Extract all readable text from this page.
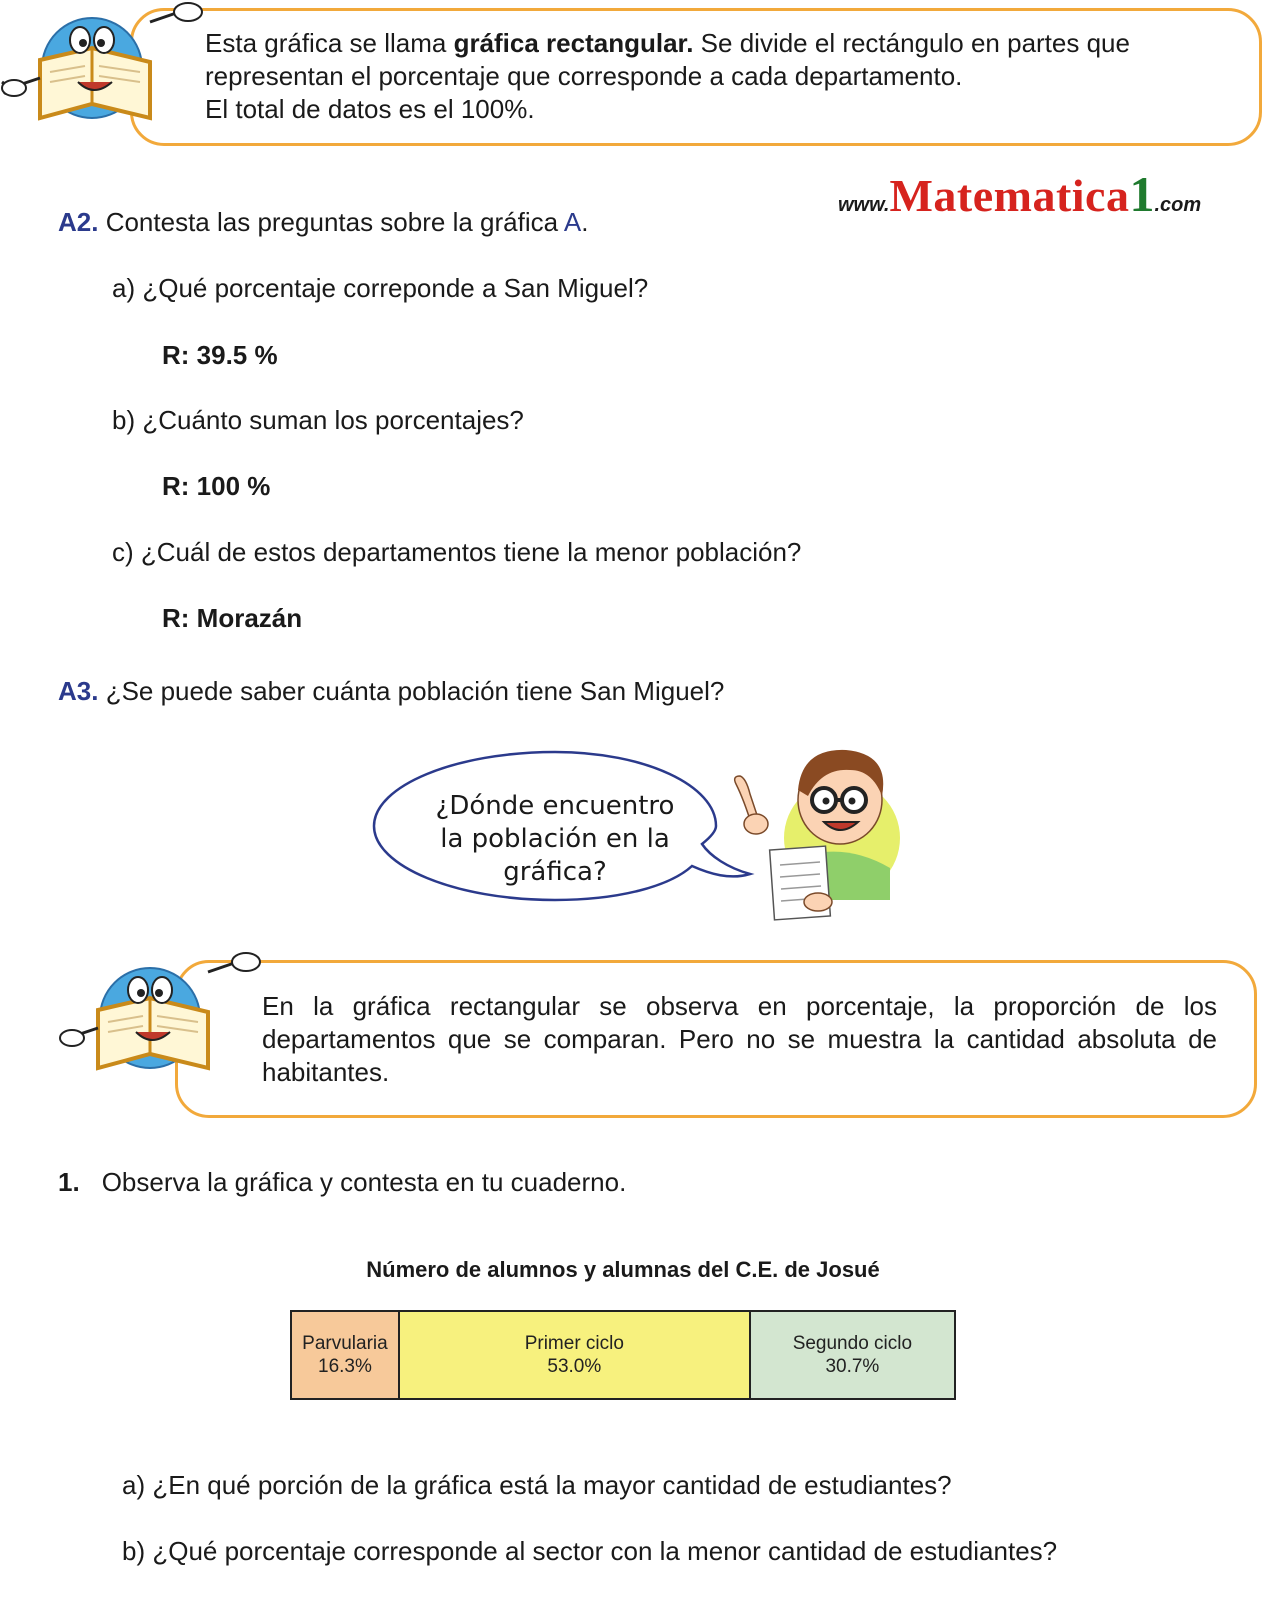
Esta gráfica se llama gráfica rectangular. Se divide el rectángulo en partes que representan el porcentaje que corresponde a cada departamento.
El total de datos es el 100%.
www.Matematica1.com
A2. Contesta las preguntas sobre la gráfica A.
a) ¿Qué porcentaje correponde a San Miguel?
R: 39.5 %
b) ¿Cuánto suman los porcentajes?
R: 100 %
c) ¿Cuál de estos departamentos tiene la menor población?
R: Morazán
A3. ¿Se puede saber cuánta población tiene San Miguel?
¿Dónde encuentro
la población en la
gráfica?
En la gráfica rectangular se observa en porcentaje, la proporción de los departamentos que se comparan. Pero no se muestra la cantidad absoluta de habitantes.
1. Observa la gráfica y contesta en tu cuaderno.
Número de alumnos y alumnas del C.E. de Josué
Parvularia
16.3%
Primer ciclo
53.0%
Segundo ciclo
30.7%
a) ¿En qué porción de la gráfica está la mayor cantidad de estudiantes?
b) ¿Qué porcentaje corresponde al sector con la menor cantidad de estudiantes?
